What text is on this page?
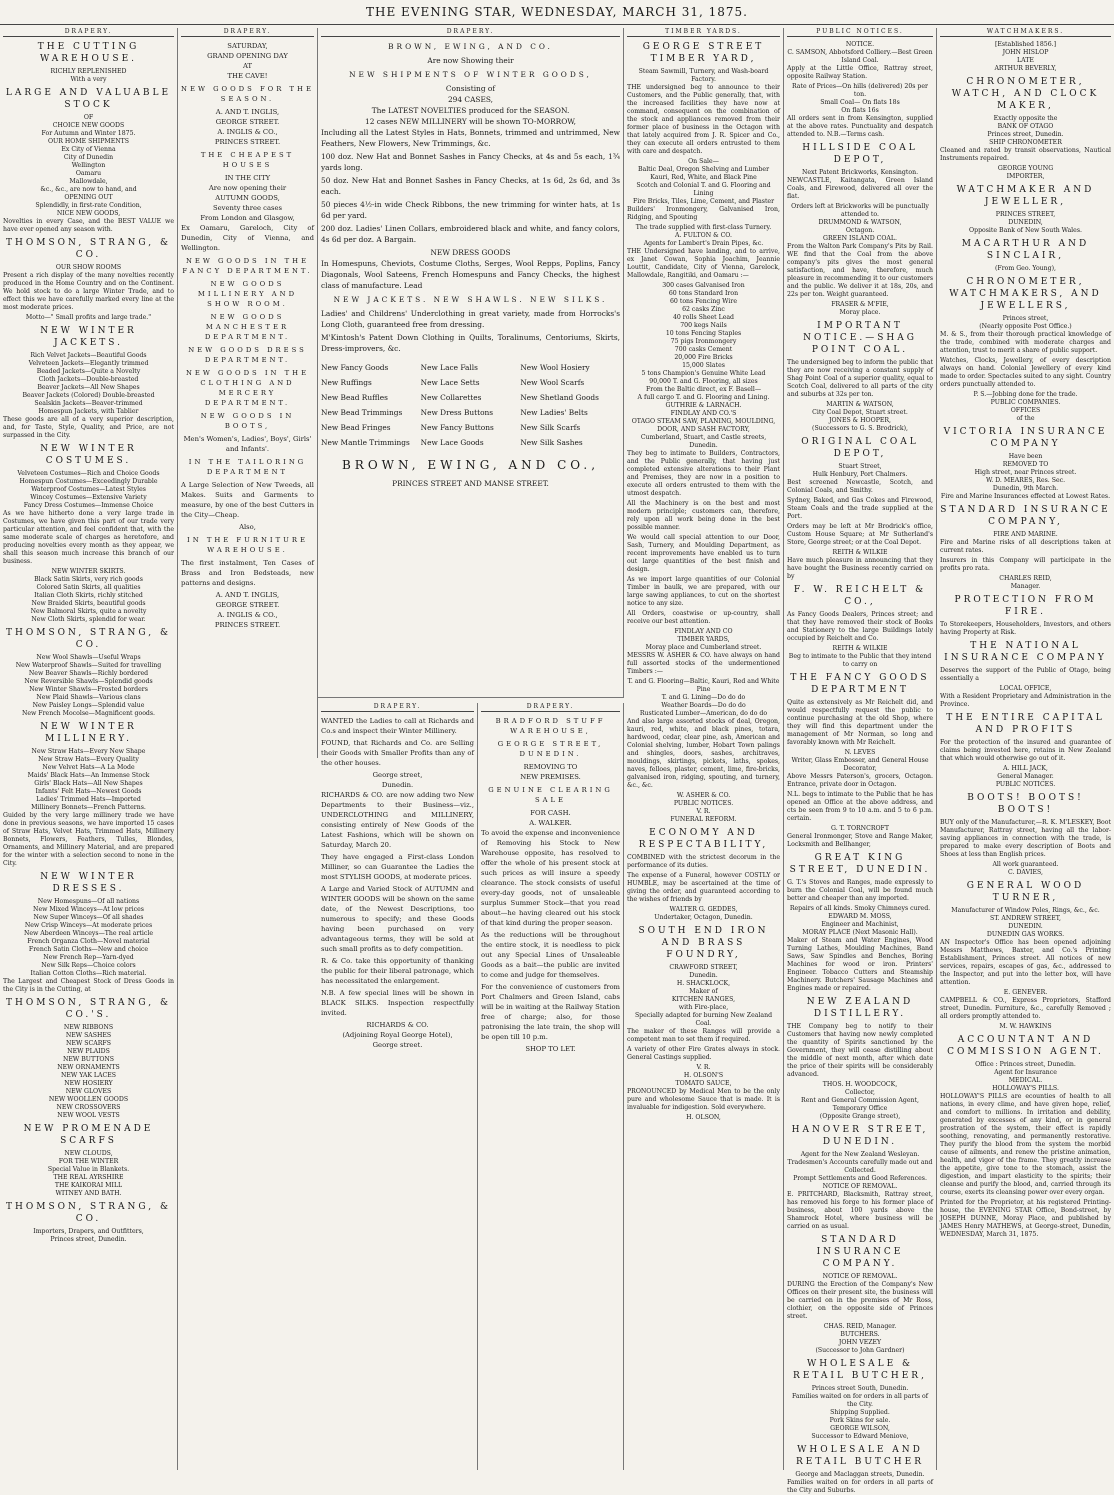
THE EVENING STAR, WEDNESDAY, MARCH 31, 1875.
DRAPERY.
THE CUTTING WAREHOUSE.
RICHLY REPLENISHED
With a very
LARGE AND VALUABLE STOCK
OF
CHOICE NEW GOODS
For Autumn and Winter 1875.
OUR HOME SHIPMENTS
Ex City of Vienna
City of Dunedin
Wellington
Oamaru
Mallowdale,
&c., &c., are now to hand, and
OPENING OUT
Splendidly, in first-rate Condition,
NICE NEW GOODS,
Novelties in every Case, and the BEST VALUE we have ever opened any season with.
THOMSON, STRANG, & CO.
OUR SHOW ROOMS
Present a rich display of the many novelties recently produced in the Home Country and on the Continent. We hold stock to do a large Winter Trade, and to effect this we have carefully marked every line at the most moderate prices.
Motto—" Small profits and large trade."
NEW WINTER JACKETS.
Rich Velvet Jackets—Beautiful Goods
Velveteen Jackets—Elegantly trimmed
Beaded Jackets—Quite a Novelty
Cloth Jackets—Double-breasted
Beaver Jackets—All New Shapes
Beaver Jackets (Colored) Double-breasted
Sealskin Jackets—Beaver-trimmed
Homespun Jackets, with Tablier
These goods are all of a very superior description, and, for Taste, Style, Quality, and Price, are not surpassed in the City.
NEW WINTER COSTUMES.
Velveteen Costumes—Rich and Choice Goods
Homespun Costumes—Exceedingly Durable
Waterproof Costumes—Latest Styles
Wincey Costumes—Extensive Variety
Fancy Dress Costumes—Immense Choice
As we have hitherto done a very large trade in Costumes, we have given this part of our trade very particular attention, and feel confident that, with the same moderate scale of charges as heretofore, and producing novelties every month as they appear, we shall this season much increase this branch of our business.
NEW WINTER SKIRTS.
Black Satin Skirts, very rich goods
Colored Satin Skirts, all qualities
Italian Cloth Skirts, richly stitched
New Braided Skirts, beautiful goods
New Balmoral Skirts, quite a novelty
New Cloth Skirts, splendid for wear.
THOMSON, STRANG, & CO.
New Wool Shawls—Useful Wraps
New Waterproof Shawls—Suited for travelling
New Beaver Shawls—Richly bordered
New Reversible Shawls—Splendid goods
New Winter Shawls—Frosted borders
New Plaid Shawls—Various clans
New Paisley Longs—Splendid value
New French Mocolse—Magnificent goods.
NEW WINTER MILLINERY.
New Straw Hats—Every New Shape
New Straw Hats—Every Quality
New Velvet Hats—A La Mode
Maids' Black Hats—An Immense Stock
Girls' Black Hats—All New Shapes
Infants' Felt Hats—Newest Goods
Ladies' Trimmed Hats—Imported
Millinery Bonnets—French Patterns.
Guided by the very large millinery trade we have done in previous seasons, we have imported 15 cases of Straw Hats, Velvet Hats, Trimmed Hats, Millinery Bonnets, Flowers, Feathers, Tulles, Blondes, Ornaments, and Millinery Material, and are prepared for the winter with a selection second to none in the City.
NEW WINTER DRESSES.
New Homespuns—Of all nations
New Mixed Winceys—At low prices
New Super Winceys—Of all shades
New Crisp Winceys—At moderate prices
New Aberdeen Winceys—The real article
French Organza Cloth—Novel material
French Satin Cloths—New and choice
New French Rep—Yarn-dyed
New Silk Reps—Choice colors
Italian Cotton Cloths—Rich material.
The Largest and Cheapest Stock of Dress Goods in the City is in the Cutting, at
THOMSON, STRANG, & CO.'S.
NEW RIBBONS
NEW SASHES
NEW SCARFS
NEW PLAIDS
NEW BUTTONS
NEW ORNAMENTS
NEW YAK LACES
NEW HOSIERY
NEW GLOVES
NEW WOOLLEN GOODS
NEW CROSSOVERS
NEW WOOL VESTS
NEW PROMENADE SCARFS
NEW CLOUDS,
FOR THE WINTER
Special Value in Blankets.
THE REAL AYRSHIRE
THE KAIKORAI MILL
WITNEY AND BATH.
THOMSON, STRANG, & CO.
Importers, Drapers, and Outfitters,
Princes street, Dunedin.
DRAPERY.
SATURDAY,
GRAND OPENING DAY
AT
THE CAVE!
NEW GOODS FOR THE SEASON.
A. AND T. INGLIS,
GEORGE STREET.
A. INGLIS & CO.,
PRINCES STREET.
THE CHEAPEST HOUSES
IN THE CITY
Are now opening their
AUTUMN GOODS,
Seventy three cases
From London and Glasgow,
Ex Oamaru, Gareloch, City of Dunedin, City of Vienna, and Wellington.
NEW GOODS IN THE FANCY DEPARTMENT.
NEW GOODS MILLINERY AND SHOW ROOM.
NEW GOODS MANCHESTER DEPARTMENT.
NEW GOODS DRESS DEPARTMENT.
NEW GOODS IN THE CLOTHING AND MERCERY DEPARTMENT.
NEW GOODS IN BOOTS,
Men's Women's, Ladies', Boys', Girls' and Infants'.
IN THE TAILORING DEPARTMENT
A Large Selection of New Tweeds, all Makes. Suits and Garments to measure, by one of the best Cutters in the City—Cheap.
Also,
IN THE FURNITURE WAREHOUSE.
The first instalment, Ten Cases of Brass and Iron Bedsteads, new patterns and designs.
A. AND T. INGLIS,
GEORGE STREET.
A. INGLIS & CO.,
PRINCES STREET.
DRAPERY.
BROWN, EWING, AND CO.
Are now Showing their
NEW SHIPMENTS OF WINTER GOODS,
Consisting of
294 CASES,
The LATEST NOVELTIES produced for the SEASON.
12 cases NEW MILLINERY will be shown TO-MORROW,
Including all the Latest Styles in Hats, Bonnets, trimmed and untrimmed, New Feathers, New Flowers, New Trimmings, &c.
100 doz. New Hat and Bonnet Sashes in Fancy Checks, at 4s and 5s each, 1¾ yards long.
50 doz. New Hat and Bonnet Sashes in Fancy Checks, at 1s 6d, 2s 6d, and 3s each.
50 pieces 4½-in wide Check Ribbons, the new trimming for winter hats, at 1s 6d per yard.
200 doz. Ladies' Linen Collars, embroidered black and white, and fancy colors, 4s 6d per doz. A Bargain.
NEW DRESS GOODS
In Homespuns, Cheviots, Costume Cloths, Serges, Wool Repps, Poplins, Fancy Diagonals, Wool Sateens, French Homespuns and Fancy Checks, the highest class of manufacture. Lead
NEW JACKETS. NEW SHAWLS. NEW SILKS.
Ladies' and Childrens' Underclothing in great variety, made from Horrocks's Long Cloth, guaranteed free from dressing.
M'Kintosh's Patent Down Clothing in Quilts, Toralinums, Centoriums, Skirts, Dress-improvers, &c.
New Fancy Goods	New Lace Falls	New Wool Hosiery
New Ruffings	New Lace Setts	New Wool Scarfs
New Bead Ruffles	New Collarettes	New Shetland Goods
New Bead Trimmings	New Dress Buttons	New Ladies' Belts
New Bead Fringes	New Fancy Buttons	New Silk Scarfs
New Mantle Trimmings	New Lace Goods	New Silk Sashes
BROWN, EWING, AND CO.,
PRINCES STREET AND MANSE STREET.
DRAPERY.
WANTED the Ladies to call at Richards and Co.s and inspect their Winter Millinery.
FOUND, that Richards and Co. are Selling their Goods with Smaller Profits than any of the other houses.
George street,
Dunedin.
RICHARDS & CO. are now adding two New Departments to their Business—viz., UNDERCLOTHING and MILLINERY, consisting entirely of New Goods of the Latest Fashions, which will be shown on Saturday, March 20.
They have engaged a First-class London Milliner, so can Guarantee the Ladies the most STYLISH GOODS, at moderate prices.
A Large and Varied Stock of AUTUMN and WINTER GOODS will be shown on the same date, of the Newest Descriptions, too numerous to specify; and these Goods having been purchased on very advantageous terms, they will be sold at such small profits as to defy competition.
R. & Co. take this opportunity of thanking the public for their liberal patronage, which has necessitated the enlargement.
N.B. A few special lines will be shown in BLACK SILKS. Inspection respectfully invited.
RICHARDS & CO.
(Adjoining Royal George Hotel),
George street.
DRAPERY.
BRADFORD STUFF WAREHOUSE,
GEORGE STREET, DUNEDIN.
REMOVING TO
NEW PREMISES.
GENUINE CLEARING SALE
FOR CASH.
A. WALKER.
To avoid the expense and inconvenience of Removing his Stock to New Warehouse opposite, has resolved to offer the whole of his present stock at such prices as will insure a speedy clearance. The stock consists of useful every-day goods, not of unsaleable surplus Summer Stock—that you read about—he having cleared out his stock of that kind during the proper season.
As the reductions will be throughout the entire stock, it is needless to pick out any Special Lines of Unsaleable Goods as a bait—the public are invited to come and judge for themselves.
For the convenience of customers from Port Chalmers and Green Island, cabs will be in waiting at the Railway Station free of charge; also, for those patronising the late train, the shop will be open till 10 p.m.
SHOP TO LET.
TIMBER YARDS.
GEORGE STREET TIMBER YARD,
Steam Sawmill, Turnery, and Wash-board Factory.
THE undersigned beg to announce to their Customers, and the Public generally, that, with the increased facilities they have now at command, consequent on the combination of the stock and appliances removed from their former place of business in the Octagon with that lately acquired from J. R. Spicer and Co., they can execute all orders entrusted to them with care and despatch.
On Sale—
Baltic Deal, Oregon Shelving and Lumber
Kauri, Red, White, and Black Pine
Scotch and Colonial T. and G. Flooring and Lining
Fire Bricks, Tiles, Lime, Cement, and Plaster
Builders' Ironmongery, Galvanised Iron, Ridging, and Spouting
The trade supplied with first-class Turnery.
A. FULTON & CO.
Agents for Lambert's Drain Pipes, &c.
THE Undersigned have landing, and to arrive, ex Janet Cowan, Sophia Joachim, Jeannie Louttit, Candidate, City of Vienna, Garelock, Mallowdale, Rangitiki, and Oamaru :—
300 cases Galvanised Iron
60 tons Standard Iron
60 tons Fencing Wire
62 casks Zinc
40 rolls Sheet Lead
700 kegs Nails
10 tons Fencing Staples
75 pigs Ironmongery
700 casks Cement
20,000 Fire Bricks
15,000 Slates
5 tons Champion's Genuine White Lead
90,000 T. and G. Flooring, all sizes
From the Baltic direct, ex F. Basell—
A full cargo T. and G. Flooring and Lining.
GUTHRIE & LARNACH.
FINDLAY AND CO.'S
OTAGO STEAM SAW, PLANING, MOULDING, DOOR, AND SASH FACTORY,
Cumberland, Stuart, and Castle streets, Dunedin.
They beg to intimate to Builders, Contractors, and the Public generally, that having just completed extensive alterations to their Plant and Premises, they are now in a position to execute all orders entrusted to them with the utmost despatch.
All the Machinery is on the best and most modern principle; customers can, therefore, rely upon all work being done in the best possible manner.
We would call special attention to our Door, Sash, Turnery, and Moulding Department, as recent improvements have enabled us to turn out large quantities of the best finish and design.
As we import large quantities of our Colonial Timber in baulk, we are prepared, with our large sawing appliances, to cut on the shortest notice to any size.
All Orders, coastwise or up-country, shall receive our best attention.
FINDLAY AND CO
TIMBER YARDS,
Moray place and Cumberland street.
MESSRS W. ASHER & CO. have always on hand full assorted stocks of the undermentioned Timbers :—
T. and G. Flooring—Baltic, Kauri, Red and White Pine
T. and G. Lining—Do do do
Weather Boards—Do do do
Rusticated Lumber—American, do do do
And also large assorted stocks of deal, Oregon, kauri, red, white, and black pines, totara, hardwood, cedar, clear pine, ash, American and Colonial shelving, lumber, Hobart Town palings and shingles, doors, sashes, architraves, mouldings, skirtings, pickets, laths, spokes, naves, felloes, plaster, cement, lime, fire-bricks, galvanised iron, ridging, spouting, and turnery, &c., &c.
W. ASHER & CO.
PUBLIC NOTICES.
V. R.
FUNERAL REFORM.
ECONOMY AND RESPECTABILITY,
COMBINED with the strictest decorum in the performance of its duties.
The expense of a Funeral, however COSTLY or HUMBLE, may be ascertained at the time of giving the order, and guaranteed according to the wishes of friends by
WALTER G. GEDDES,
Undertaker, Octagon, Dunedin.
SOUTH END IRON AND BRASS FOUNDRY,
CRAWFORD STREET,
Dunedin.
H. SHACKLOCK,
Maker of
KITCHEN RANGES,
with Fire-place,
Specially adapted for burning New Zealand Coal.
The maker of these Ranges will provide a competent man to set them if required.
A variety of other Fire Grates always in stock. General Castings supplied.
V. R.
H. OLSON'S
TOMATO SAUCE,
PRONOUNCED by Medical Men to be the only pure and wholesome Sauce that is made. It is invaluable for indigestion. Sold everywhere.
H. OLSON,
PUBLIC NOTICES.
NOTICE.
C. SAMSON, Abbotsford Colliery.—Best Green Island Coal.
Apply at the Little Office, Rattray street, opposite Railway Station.
Rate of Prices—On hills (delivered) 20s per ton.
Small Coal— On flats 18s
On flats 16s
All orders sent in from Kensington, supplied at the above rates. Punctuality and despatch attended to. N.B.—Terms cash.
HILLSIDE COAL DEPOT,
Next Patent Brickworks, Kensington.
NEWCASTLE, Kaitangata, Green Island Coals, and Firewood, delivered all over the flat.
Orders left at Brickworks will be punctually attended to.
DRUMMOND & WATSON,
Octagon.
GREEN ISLAND COAL.
From the Walton Park Company's Pits by Rail. WE find that the Coal from the above company's pits gives the most general satisfaction, and have, therefore, much pleasure in recommending it to our customers and the public. We deliver it at 18s, 20s, and 22s per ton. Weight guaranteed.
FRASER & M'FIE,
Moray place.
IMPORTANT NOTICE.—SHAG POINT COAL.
The undersigned beg to inform the public that they are now receiving a constant supply of Shag Point Coal of a superior quality, equal to Scotch Coal, delivered to all parts of the city and suburbs at 32s per ton.
MARTIN & WATSON,
City Coal Depot, Stuart street.
JONES & HOOPER,
(Successors to G. S. Brodrick),
ORIGINAL COAL DEPOT,
Stuart Street,
Hulk Henbury, Port Chalmers.
Best screened Newcastle, Scotch, and Colonial Coals, and Smithy.
Sydney, Baked, and Gas Cokes and Firewood, Steam Coals and the trade supplied at the Port.
Orders may be left at Mr Brodrick's office, Custom House Square; at Mr Sutherland's Store, George street; or at the Coal Depot.
REITH & WILKIE
Have much pleasure in announcing that they have bought the Business recently carried on by
F. W. REICHELT & CO.,
As Fancy Goods Dealers, Princes street; and that they have removed their stock of Books and Stationery to the large Buildings lately occupied by Reichelt and Co.
REITH & WILKIE
Beg to intimate to the Public that they intend to carry on
THE FANCY GOODS DEPARTMENT
Quite as extensively as Mr Reichelt did, and would respectfully request the public to continue purchasing at the old Shop, where they will find this department under the management of Mr Norman, so long and favorably known with Mr Reichelt.
N. LEVES
Writer, Glass Embosser, and General House Decorator,
Above Messrs Paterson's, grocers, Octagon. Entrance, private door in Octagon.
N.L. begs to intimate to the Public that he has opened an Office at the above address, and cts be seen from 9 to 10 a.m. and 5 to 6 p.m. certain.
G. T. TORNCROFT
General Ironmonger, Stove and Range Maker, Locksmith and Bellhanger,
GREAT KING STREET, DUNEDIN.
G. T.'s Stoves and Ranges, made expressly to burn the Colonial Coal, will be found much better and cheaper than any imported.
Repairs of all kinds. Smoky Chimneys cured.
EDWARD M. MOSS,
Engineer and Machinist,
MORAY PLACE (Next Masonic Hall).
Maker of Steam and Water Engines, Wood Turning Lathes, Moulding Machines, Band Saws, Saw Spindles and Benches, Boring Machines for wood or iron. Printers' Engineer. Tobacco Cutters and Steamship Machinery. Butchers' Sausage Machines and Engines made or repaired.
NEW ZEALAND DISTILLERY.
THE Company beg to notify to their Customers that having now newly completed the quantity of Spirits sanctioned by the Government, they will cease distilling about the middle of next month, after which date the price of their spirits will be considerably advanced.
THOS. H. WOODCOCK,
Collector,
Rent and General Commission Agent,
Temporary Office
(Opposite Grange street),
HANOVER STREET, DUNEDIN.
Agent for the New Zealand Wesleyan.
Tradesmen's Accounts carefully made out and Collected.
Prompt Settlements and Good References.
NOTICE OF REMOVAL.
E. PRITCHARD, Blacksmith, Rattray street, has removed his forge to his former place of business, about 100 yards above the Shamrock Hotel, where business will be carried on as usual.
STANDARD INSURANCE COMPANY.
NOTICE OF REMOVAL.
DURING the Erection of the Company's New Offices on their present site, the business will be carried on in the premises of Mr Ross, clothier, on the opposite side of Princes street.
CHAS. REID, Manager.
BUTCHERS.
JOHN VEZEY
(Successor to John Gardner)
WHOLESALE & RETAIL BUTCHER,
Princes street South, Dunedin.
Families waited on for orders in all parts of the City.
Shipping Supplied.
Pork Skins for sale.
GEORGE WILSON,
Successor to Edward Meniove,
WHOLESALE AND RETAIL BUTCHER
George and Maclaggan streets, Dunedin.
Families waited on for orders in all parts of the City and Suburbs.
WATCHMAKERS.
[Established 1856.]
JOHN HISLOP
LATE
ARTHUR BEVERLY,
CHRONOMETER, WATCH, AND CLOCK MAKER,
Exactly opposite the
BANK OF OTAGO
Princes street, Dunedin.
SHIP CHRONOMETER
Cleaned and rated by transit observations, Nautical Instruments repaired.
GEORGE YOUNG
IMPORTER,
WATCHMAKER AND JEWELLER,
PRINCES STREET,
DUNEDIN,
Opposite Bank of New South Wales.
MACARTHUR AND SINCLAIR,
(From Geo. Young),
CHRONOMETER, WATCHMAKERS, AND JEWELLERS,
Princes street,
(Nearly opposite Post Office.)
M. & S., from their thorough practical knowledge of the trade, combined with moderate charges and attention, trust to merit a share of public support.
Watches, Clocks, Jewellery, of every description always on hand. Colonial Jewellery of every kind made to order. Spectacles suited to any sight. Country orders punctually attended to.
P. S.—Jobbing done for the trade.
PUBLIC COMPANIES.
OFFICES
of the
VICTORIA INSURANCE COMPANY
Have been
REMOVED TO
High street, near Princes street.
W. D. MEARES, Res. Sec.
Dunedin, 9th March.
Fire and Marine Insurances effected at Lowest Rates.
STANDARD INSURANCE COMPANY,
FIRE AND MARINE.
Fire and Marine risks of all descriptions taken at current rates.
Insurers in this Company will participate in the profits pro rata.
CHARLES REID,
Manager.
PROTECTION FROM FIRE.
To Storekeepers, Householders, Investors, and others having Property at Risk.
THE NATIONAL INSURANCE COMPANY
Deserves the support of the Public of Otago, being essentially a
LOCAL OFFICE,
With a Resident Proprietary and Administration in the Province.
THE ENTIRE CAPITAL AND PROFITS
For the protection of the insured and guarantee of claims being invested here, retains in New Zealand that which would otherwise go out of it.
A. HILL JACK,
General Manager.
PUBLIC NOTICES.
BOOTS! BOOTS! BOOTS!
BUY only of the Manufacturer,—R. K. M'LESKEY, Boot Manufacturer, Rattray street, having all the labor-saving appliances in connection with the trade, is prepared to make every description of Boots and Shoes at less than English prices.
All work guaranteed.
C. DAVIES,
GENERAL WOOD TURNER,
Manufacturer of Window Poles, Rings, &c., &c.
ST. ANDREW STREET,
DUNEDIN.
DUNEDIN GAS WORKS.
AN Inspector's Office has been opened adjoining Messrs Matthews, Baxter, and Co.'s Printing Establishment, Princes street. All notices of new services, repairs, escapes of gas, &c., addressed to the Inspector, and put into the letter box, will have attention.
E. GENEVER.
CAMPBELL & CO., Express Proprietors, Stafford street, Dunedin. Furniture, &c., carefully Removed ; all orders promptly attended to.
M. W. HAWKINS
ACCOUNTANT AND COMMISSION AGENT.
Office : Princes street, Dunedin.
Agent for Insurance
MEDICAL.
HOLLOWAY'S PILLS.
HOLLOWAY'S PILLS are ecounties of health to all nations, in every clime, and have given hope, relief, and comfort to millions. In irritation and debility, generated by excesses of any kind, or in general prostration of the system, their effect is rapidly soothing, renovating, and permanently restorative. They purify the blood from the system the morbid cause of ailments, and renew the pristine animation, health, and vigor of the frame. They greatly increase the appetite, give tone to the stomach, assist the digestion, and impart elasticity to the spirits; their cleanse and purify the blood, and, carried through its course, exerts its cleansing power over every organ.
Printed for the Proprietor, at his registered Printing-house, the EVENING STAR Office, Bond-street, by JOSEPH DUNNE, Moray Place, and published by JAMES Henry MATHEWS, at George-street, Dunedin, WEDNESDAY, March 31, 1875.
